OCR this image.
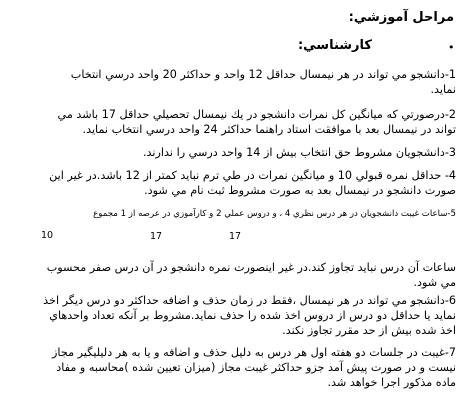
مراحل آموزشي:
•
كارشناسي:
1-دانشجو مي تواند در هر نيمسال حداقل 12 واحد و حداكثر 20 واحد درسي انتخاب
نمايد.
2-درصورتي كه ميانگين كل نمرات دانشجو در يك نيمسال تحصيلي حداقل 17 باشد مي
تواند در نيمسال بعد با موافقت استاد راهنما حداكثر 24 واحد درسي انتخاب نمايد.
3-دانشجويان مشروط حق انتخاب بيش از 14 واحد درسي را ندارند.
4- حداقل نمره قبولي 10 و ميانگين نمرات در طي ترم نبايد كمتر از 12 باشد.در غير اين
صورت دانشجو در نيمسال بعد به صورت مشروط ثبت نام مي شود.
5-ساعات غيبت دانشجويان در هر درس نظري 4 ، و دروس عملي 2 و كارآموزي در عرصه از 1 مجموع
10	17	17
ساعات آن درس نبايد تجاوز كند.در غير اينصورت نمره دانشجو در آن درس صفر محسوب
مي شود.
6-دانشجو مي تواند در هر نيمسال ،فقط در زمان حذف و اضافه حداكثر دو درس ديگر اخذ
نمايد يا حداقل دو درس از دروس اخذ شده را حذف نمايد.مشروط بر آنكه تعداد واحدهاي
اخذ شده بيش از حد مقرر تجاوز نكند.
7-غيبت در جلسات دو هفته اول هر درس به دليل حذف و اضافه و يا به هر دليليگير مجاز
نيست و در صورت پيش آمد جزو حداكثر غيبت مجاز (ميزان تعيين شده )محاسبه و مفاد
ماده مذكور اجرا خواهد شد.
